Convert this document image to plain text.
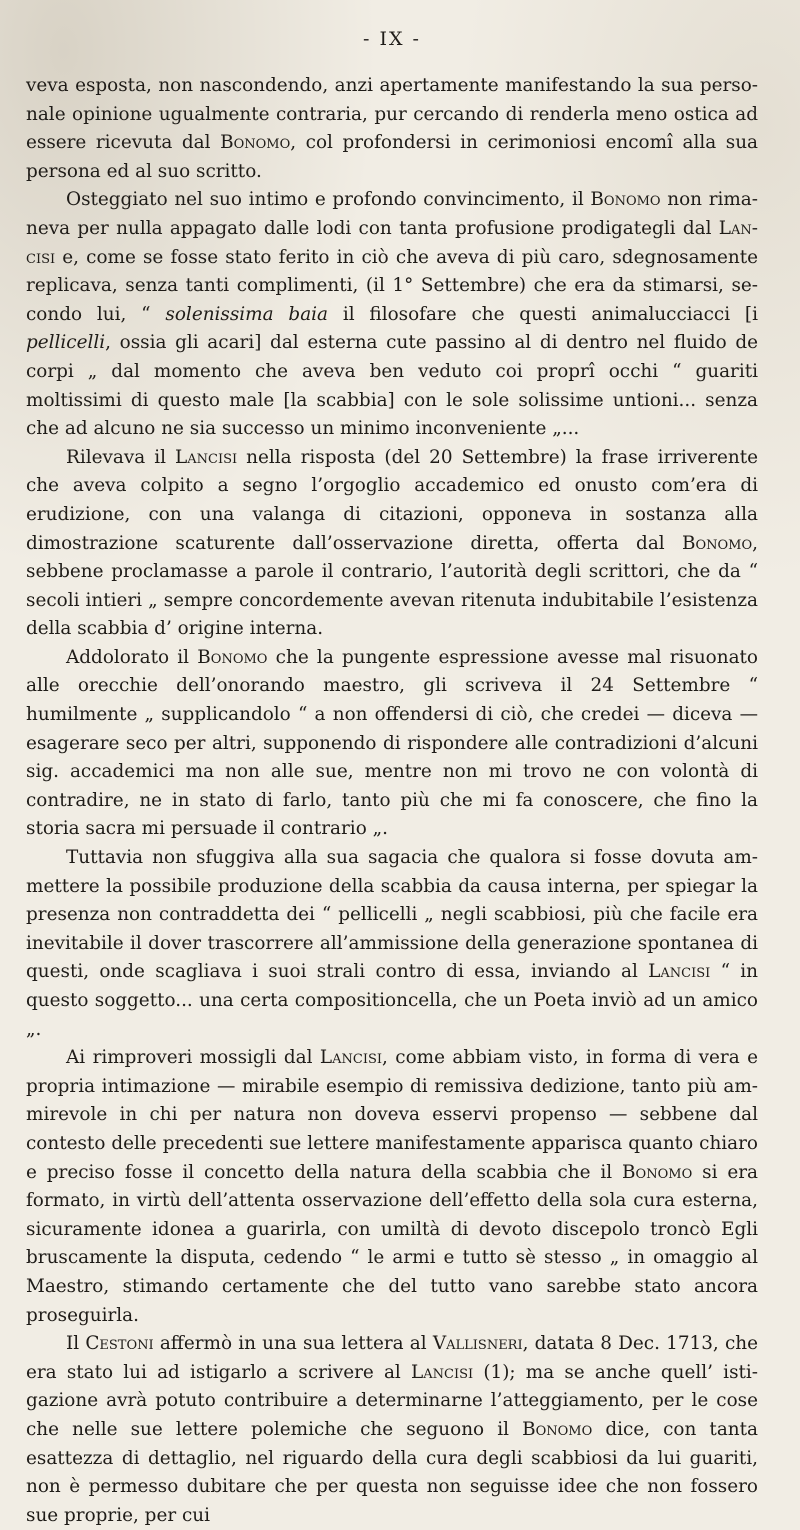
- IX -

veva esposta, non nascondendo, anzi apertamente manifestando la sua personale opinione ugualmente contraria, pur cercando di renderla meno ostica ad essere ricevuta dal Bonomo, col profondersi in cerimoniosi encomî alla sua persona ed al suo scritto.

Osteggiato nel suo intimo e profondo convincimento, il Bonomo non rimaneva per nulla appagato dalle lodi con tanta profusione prodigategli dal Lancisi e, come se fosse stato ferito in ciò che aveva di più caro, sdegnosamente replicava, senza tanti complimenti, (il 1° Settembre) che era da stimarsi, secondo lui, “ solenissima baia il filosofare che questi animalucciacci [i pellicelli, ossia gli acari] dal esterna cute passino al di dentro nel fluido de corpi „ dal momento che aveva ben veduto coi proprî occhi “ guariti moltissimi di questo male [la scabbia] con le sole solissime untioni... senza che ad alcuno ne sia successo un minimo inconveniente „...

Rilevava il Lancisi nella risposta (del 20 Settembre) la frase irriverente che aveva colpito a segno l’orgoglio accademico ed onusto com’era di erudizione, con una valanga di citazioni, opponeva in sostanza alla dimostrazione scaturente dall’osservazione diretta, offerta dal Bonomo, sebbene proclamasse a parole il contrario, l’autorità degli scrittori, che da “ secoli intieri „ sempre concordemente avevan ritenuta indubitabile l’esistenza della scabbia d’ origine interna.

Addolorato il Bonomo che la pungente espressione avesse mal risuonato alle orecchie dell’onorando maestro, gli scriveva il 24 Settembre “ humilmente „ supplicandolo “ a non offendersi di ciò, che credei — diceva — esagerare seco per altri, supponendo di rispondere alle contradizioni d’alcuni sig. accademici ma non alle sue, mentre non mi trovo ne con volontà di contradire, ne in stato di farlo, tanto più che mi fa conoscere, che fino la storia sacra mi persuade il contrario „.

Tuttavia non sfuggiva alla sua sagacia che qualora si fosse dovuta ammettere la possibile produzione della scabbia da causa interna, per spiegar la presenza non contraddetta dei “ pellicelli „ negli scabbiosi, più che facile era inevitabile il dover trascorrere all’ammissione della generazione spontanea di questi, onde scagliava i suoi strali contro di essa, inviando al Lancisi “ in questo soggetto... una certa compositioncella, che un Poeta inviò ad un amico „.

Ai rimproveri mossigli dal Lancisi, come abbiam visto, in forma di vera e propria intimazione — mirabile esempio di remissiva dedizione, tanto più ammirevole in chi per natura non doveva esservi propenso — sebbene dal contesto delle precedenti sue lettere manifestamente apparisca quanto chiaro e preciso fosse il concetto della natura della scabbia che il Bonomo si era formato, in virtù dell’attenta osservazione dell’effetto della sola cura esterna, sicuramente idonea a guarirla, con umiltà di devoto discepolo troncò Egli bruscamente la disputa, cedendo “ le armi e tutto sè stesso „ in omaggio al Maestro, stimando certamente che del tutto vano sarebbe stato ancora proseguirla.

Il Cestoni affermò in una sua lettera al Vallisneri, datata 8 Dec. 1713, che era stato lui ad istigarlo a scrivere al Lancisi (1); ma se anche quell’ istigazione avrà potuto contribuire a determinarne l’atteggiamento, per le cose che nelle sue lettere polemiche che seguono il Bonomo dice, con tanta esattezza di dettaglio, nel riguardo della cura degli scabbiosi da lui guariti, non è permesso dubitare che per questa non seguisse idee che non fossero sue proprie, per cui
